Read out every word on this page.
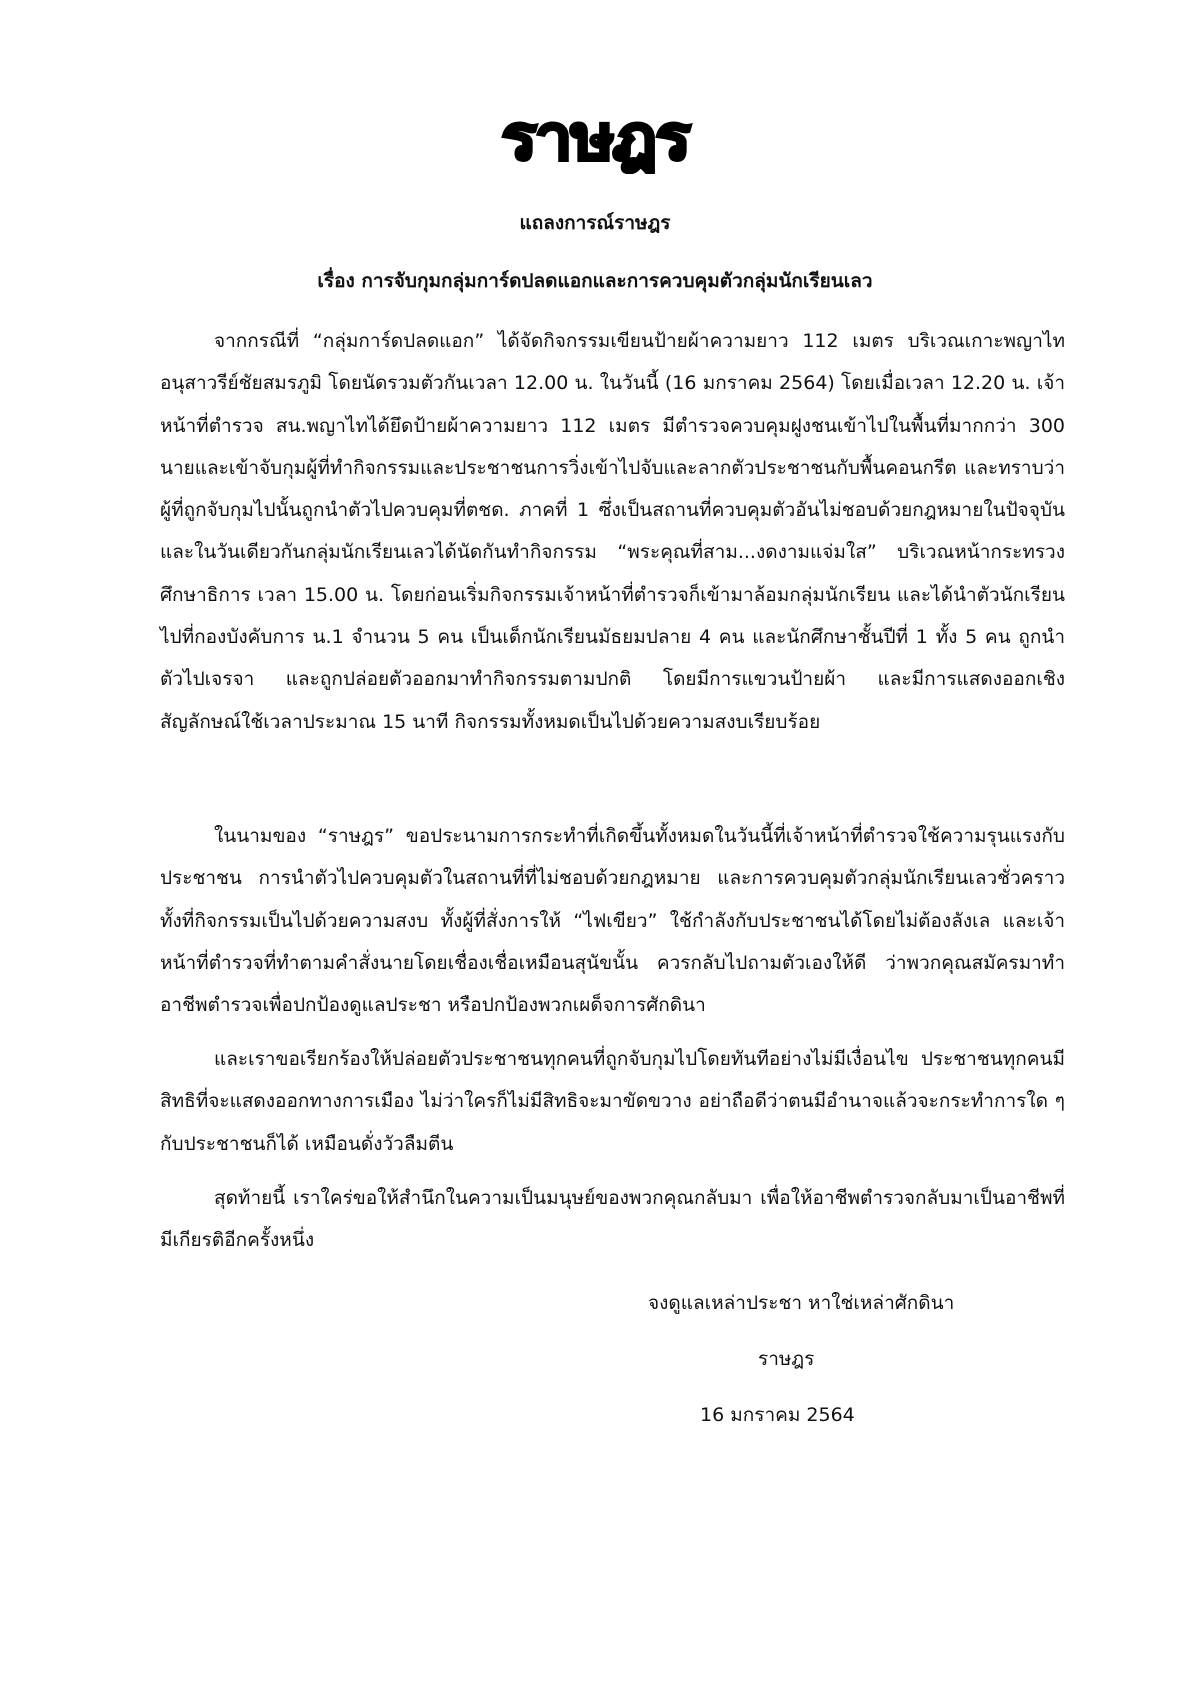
ราษฎร
แถลงการณ์ราษฎร
เรื่อง การจับกุมกลุ่มการ์ดปลดแอกและการควบคุมตัวกลุ่มนักเรียนเลว

จากกรณีที่ “กลุ่มการ์ดปลดแอก” ได้จัดกิจกรรมเขียนป้ายผ้าความยาว 112 เมตร บริเวณเกาะพญาไท อนุสาวรีย์ชัยสมรภูมิ โดยนัดรวมตัวกันเวลา 12.00 น. ในวันนี้ (16 มกราคม 2564) โดยเมื่อเวลา 12.20 น. เจ้าหน้าที่ตำรวจ สน.พญาไทได้ยึดป้ายผ้าความยาว 112 เมตร มีตำรวจควบคุมฝูงชนเข้าไปในพื้นที่มากกว่า 300 นายและเข้าจับกุมผู้ที่ทำกิจกรรมและประชาชนการวิ่งเข้าไปจับและลากตัวประชาชนกับพื้นคอนกรีต และทราบว่าผู้ที่ถูกจับกุมไปนั้นถูกนำตัวไปควบคุมที่ตชด. ภาคที่ 1 ซึ่งเป็นสถานที่ควบคุมตัวอันไม่ชอบด้วยกฎหมายในปัจจุบัน และในวันเดียวกันกลุ่มนักเรียนเลวได้นัดกันทำกิจกรรม “พระคุณที่สาม...งดงามแจ่มใส” บริเวณหน้ากระทรวงศึกษาธิการ เวลา 15.00 น. โดยก่อนเริ่มกิจกรรมเจ้าหน้าที่ตำรวจก็เข้ามาล้อมกลุ่มนักเรียน และได้นำตัวนักเรียนไปที่กองบังคับการ น.1 จำนวน 5 คน เป็นเด็กนักเรียนมัธยมปลาย 4 คน และนักศึกษาชั้นปีที่ 1 ทั้ง 5 คน ถูกนำตัวไปเจรจา และถูกปล่อยตัวออกมาทำกิจกรรมตามปกติ โดยมีการแขวนป้ายผ้า และมีการแสดงออกเชิงสัญลักษณ์ใช้เวลาประมาณ 15 นาที กิจกรรมทั้งหมดเป็นไปด้วยความสงบเรียบร้อย

ในนามของ “ราษฎร” ขอประนามการกระทำที่เกิดขึ้นทั้งหมดในวันนี้ที่เจ้าหน้าที่ตำรวจใช้ความรุนแรงกับประชาชน การนำตัวไปควบคุมตัวในสถานที่ที่ไม่ชอบด้วยกฎหมาย และการควบคุมตัวกลุ่มนักเรียนเลวชั่วคราวทั้งที่กิจกรรมเป็นไปด้วยความสงบ ทั้งผู้ที่สั่งการให้ “ไฟเขียว” ใช้กำลังกับประชาชนได้โดยไม่ต้องลังเล และเจ้าหน้าที่ตำรวจที่ทำตามคำสั่งนายโดยเชื่องเชื่อเหมือนสุนัขนั้น ควรกลับไปถามตัวเองให้ดี ว่าพวกคุณสมัครมาทำอาชีพตำรวจเพื่อปกป้องดูแลประชา หรือปกป้องพวกเผด็จการศักดินา

และเราขอเรียกร้องให้ปล่อยตัวประชาชนทุกคนที่ถูกจับกุมไปโดยทันทีอย่างไม่มีเงื่อนไข ประชาชนทุกคนมีสิทธิที่จะแสดงออกทางการเมือง ไม่ว่าใครก็ไม่มีสิทธิจะมาขัดขวาง อย่าถือดีว่าตนมีอำนาจแล้วจะกระทำการใด ๆ กับประชาชนก็ได้ เหมือนดั่งวัวลืมตีน

สุดท้ายนี้ เราใคร่ขอให้สำนึกในความเป็นมนุษย์ของพวกคุณกลับมา เพื่อให้อาชีพตำรวจกลับมาเป็นอาชีพที่มีเกียรติอีกครั้งหนึ่ง

จงดูแลเหล่าประชา หาใช่เหล่าศักดินา
ราษฎร
16 มกราคม 2564
